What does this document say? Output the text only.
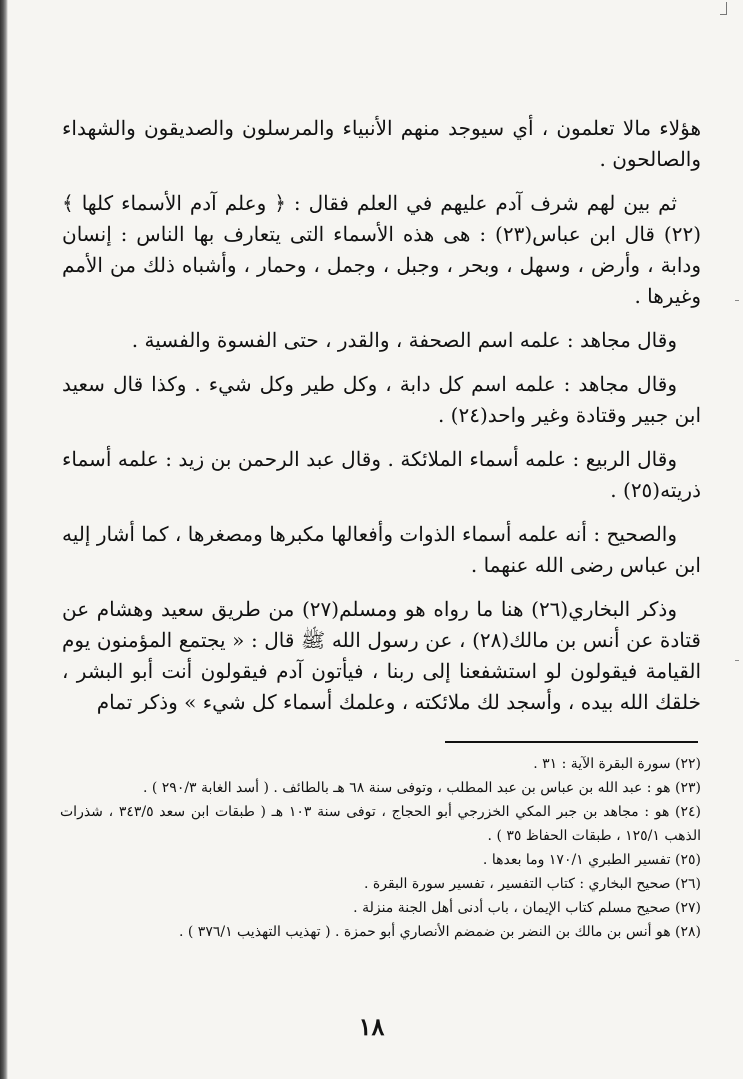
هؤلاء مالا تعلمون ، أي سيوجد منهم الأنبياء والمرسلون والصديقون والشهداء والصالحون .

ثم بين لهم شرف آدم عليهم في العلم فقال : ﴿ وعلم آدم الأسماء كلها ﴾(٢٢) قال ابن عباس(٢٣) : هى هذه الأسماء التى يتعارف بها الناس : إنسان ودابة ، وأرض ، وسهل ، وبحر ، وجبل ، وجمل ، وحمار ، وأشباه ذلك من الأمم وغيرها .

وقال مجاهد : علمه اسم الصحفة ، والقدر ، حتى الفسوة والفسية .

وقال مجاهد : علمه اسم كل دابة ، وكل طير وكل شيء . وكذا قال سعيد ابن جبير وقتادة وغير واحد(٢٤) .

وقال الربيع : علمه أسماء الملائكة . وقال عبد الرحمن بن زيد : علمه أسماء ذريته(٢٥) .

والصحيح : أنه علمه أسماء الذوات وأفعالها مكبرها ومصغرها ، كما أشار إليه ابن عباس رضى الله عنهما .

وذكر البخاري(٢٦) هنا ما رواه هو ومسلم(٢٧) من طريق سعيد وهشام عن قتادة عن أنس بن مالك(٢٨) ، عن رسول الله ﷺ قال : « يجتمع المؤمنون يوم القيامة فيقولون لو استشفعنا إلى ربنا ، فيأتون آدم فيقولون أنت أبو البشر ، خلقك الله بيده ، وأسجد لك ملائكته ، وعلمك أسماء كل شيء » وذكر تمام

(٢٢) سورة البقرة الآية : ٣١ .

(٢٣) هو : عبد الله بن عباس بن عبد المطلب ، وتوفى سنة ٦٨ هـ بالطائف . ( أسد الغابة ٢٩٠/٣ ) .

(٢٤) هو : مجاهد بن جبر المكي الخزرجي أبو الحجاج ، توفى سنة ١٠٣ هـ ( طبقات ابن سعد ٣٤٣/٥ ، شذرات الذهب ١٢٥/١ ، طبقات الحفاظ ٣٥ ) .

(٢٥) تفسير الطبري ١٧٠/١ وما بعدها .

(٢٦) صحيح البخاري : كتاب التفسير ، تفسير سورة البقرة .

(٢٧) صحيح مسلم كتاب الإيمان ، باب أدنى أهل الجنة منزلة .

(٢٨) هو أنس بن مالك بن النضر بن ضمضم الأنصاري أبو حمزة . ( تهذيب التهذيب ٣٧٦/١ ) .

١٨
